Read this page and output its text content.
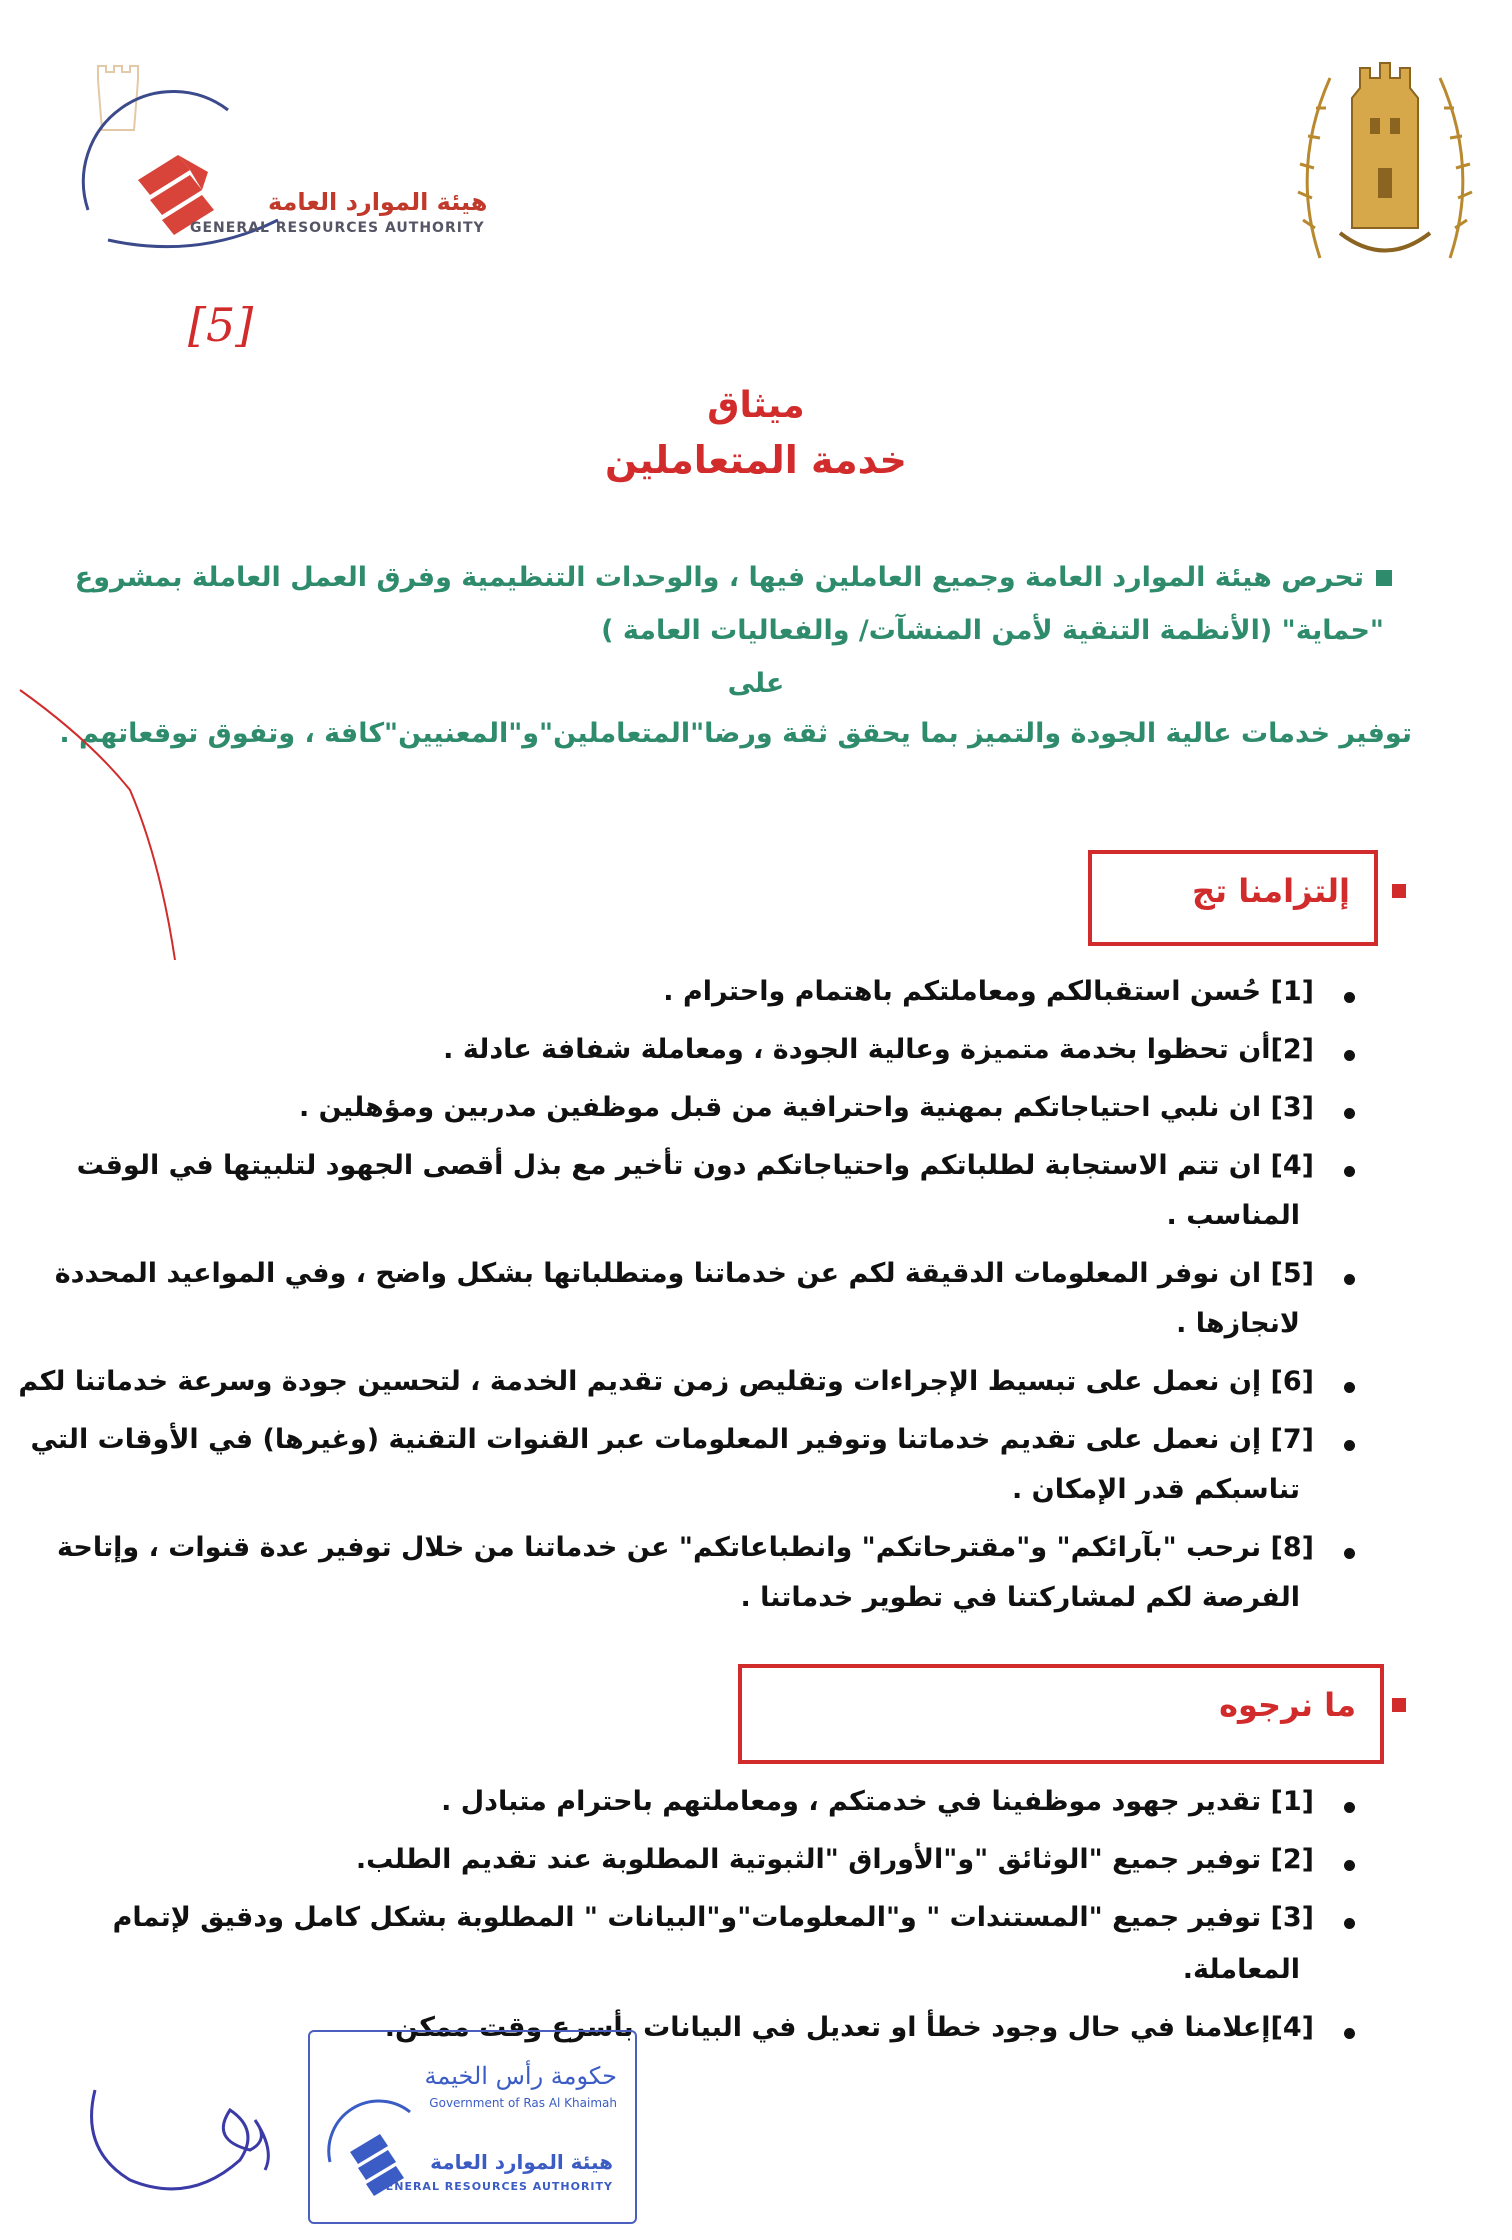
هيئة الموارد العامة
GENERAL RESOURCES AUTHORITY
[5]
ميثاق
خدمة المتعاملين
تحرص هيئة الموارد العامة وجميع العاملين فيها ، والوحدات التنظيمية وفرق العمل العاملة بمشروع
"حماية" (الأنظمة التنقية لأمن المنشآت/ والفعاليات العامة )
على
توفير خدمات عالية الجودة والتميز بما يحقق ثقة ورضا"المتعاملين"و"المعنيين"كافة ، وتفوق توقعاتهم .
إلتزامنا تج
[1] حُسن استقبالكم ومعاملتكم باهتمام واحترام .
[2]أن تحظوا بخدمة متميزة وعالية الجودة ، ومعاملة شفافة عادلة .
[3] ان نلبي احتياجاتكم بمهنية واحترافية من قبل موظفين مدربين ومؤهلين .
[4] ان تتم الاستجابة لطلباتكم واحتياجاتكم دون تأخير مع بذل أقصى الجهود لتلبيتها في الوقت
المناسب .
[5] ان نوفر المعلومات الدقيقة لكم عن خدماتنا ومتطلباتها بشكل واضح ، وفي المواعيد المحددة
لانجازها .
[6] إن نعمل على تبسيط الإجراءات وتقليص زمن تقديم الخدمة ، لتحسين جودة وسرعة خدماتنا لكم
[7] إن نعمل على تقديم خدماتنا وتوفير المعلومات عبر القنوات التقنية (وغيرها) في الأوقات التي
تناسبكم قدر الإمكان .
[8] نرحب "بآرائكم" و"مقترحاتكم" وانطباعاتكم" عن خدماتنا من خلال توفير عدة قنوات ، وإتاحة
الفرصة لكم لمشاركتنا في تطوير خدماتنا .
ما نرجوه
[1] تقدير جهود موظفينا في خدمتكم ، ومعاملتهم باحترام متبادل .
[2] توفير جميع "الوثائق "و"الأوراق "الثبوتية المطلوبة عند تقديم الطلب.
[3] توفير جميع "المستندات " و"المعلومات"و"البيانات " المطلوبة بشكل كامل ودقيق لإتمام
المعاملة.
[4]إعلامنا في حال وجود خطأ او تعديل في البيانات بأسرع وقت ممكن.
حكومة رأس الخيمة
Government of Ras Al Khaimah
هيئة الموارد العامة
GENERAL RESOURCES AUTHORITY
